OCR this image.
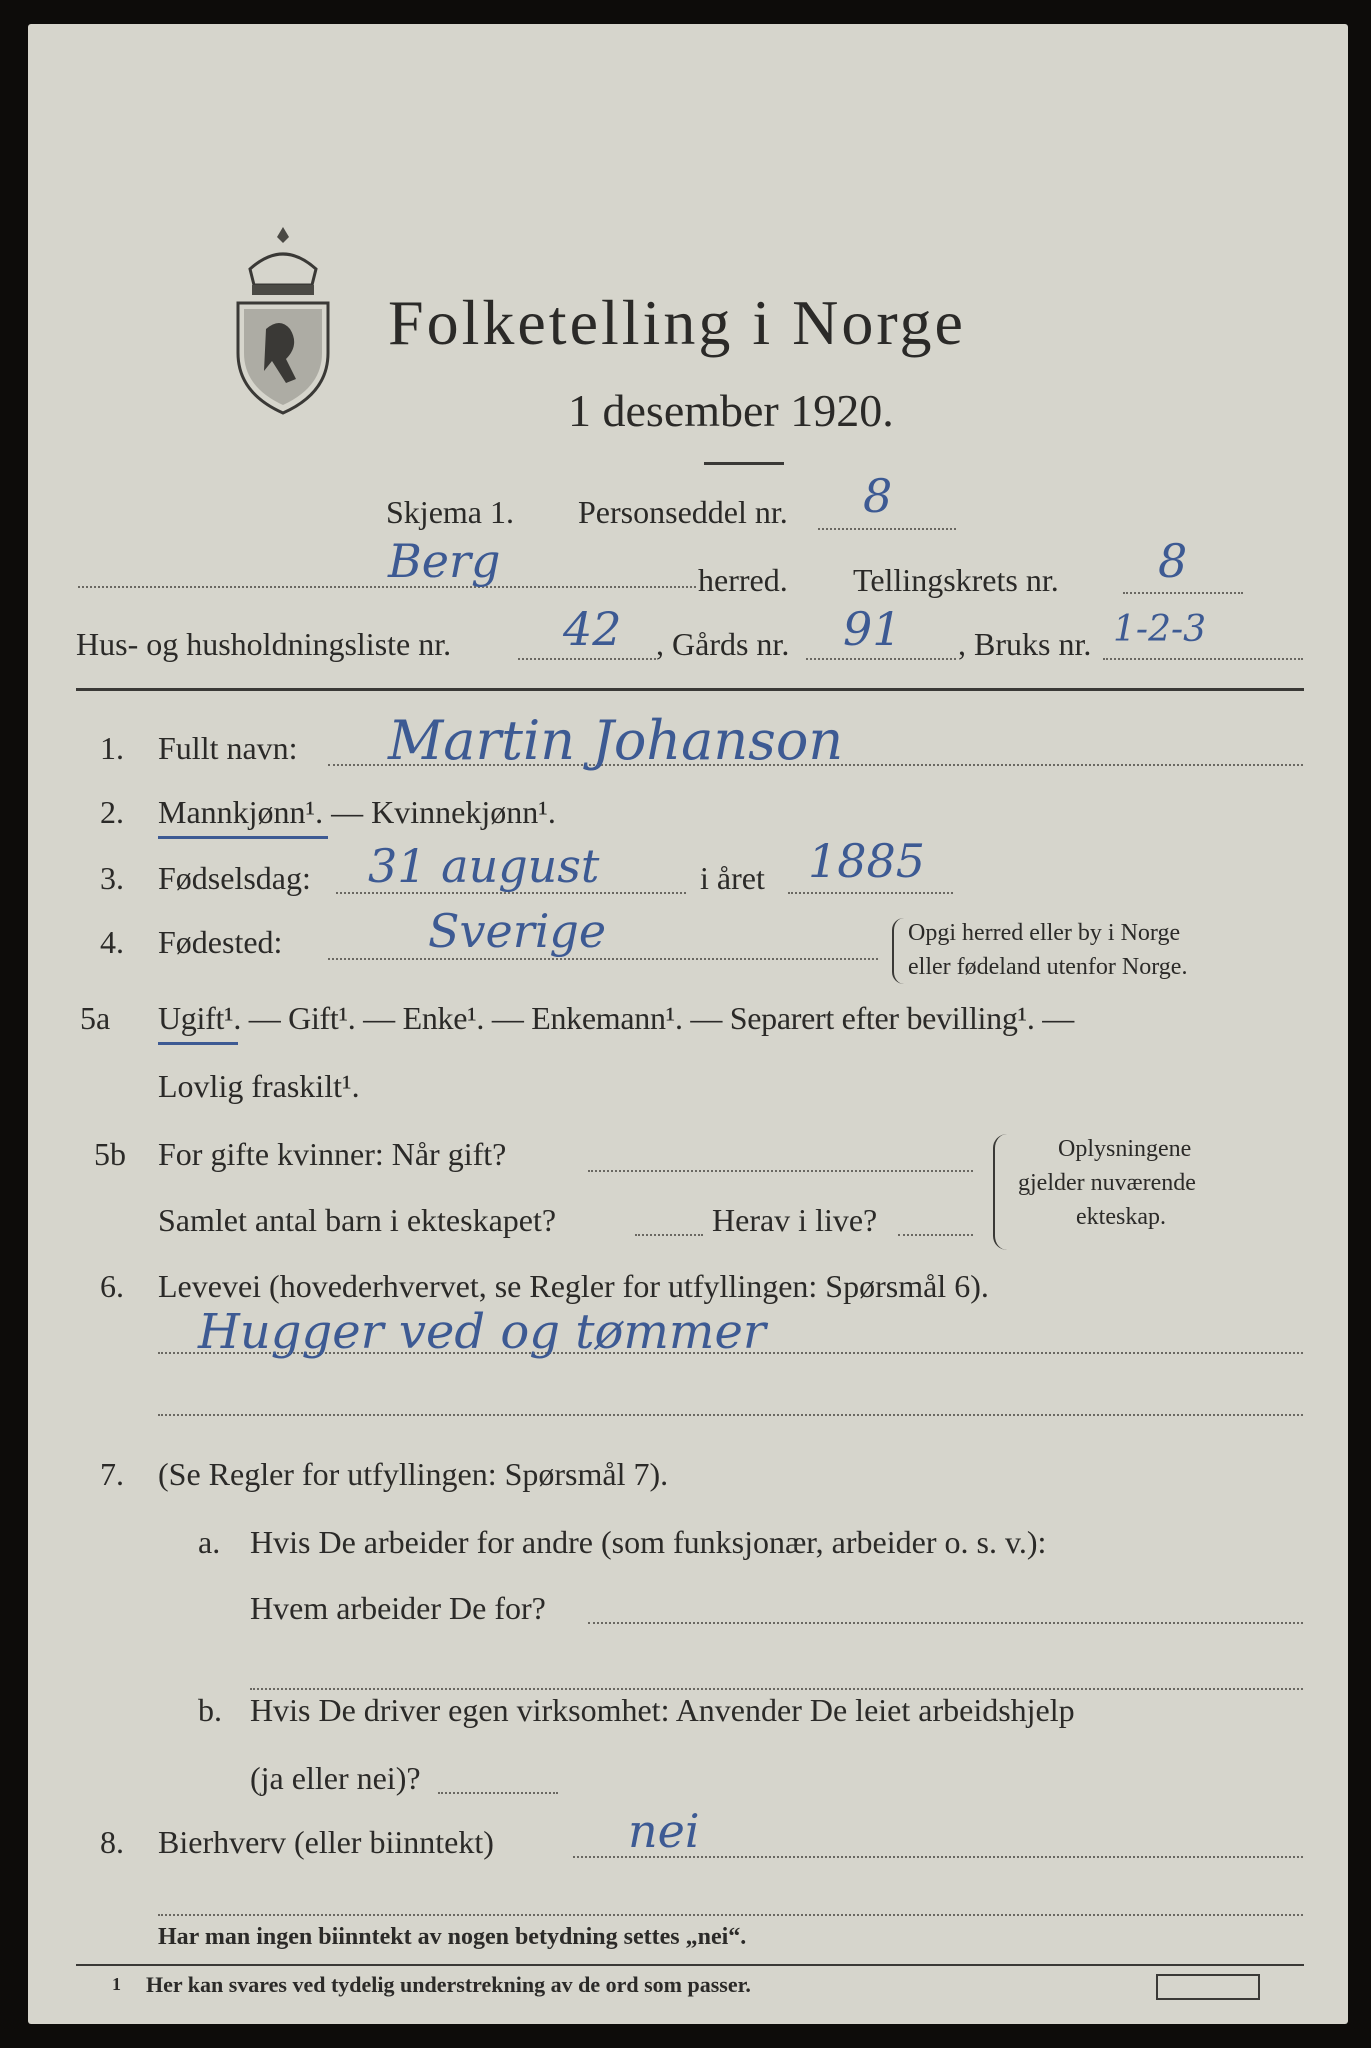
Folketelling i Norge
1 desember 1920.
Skjema 1. Personseddel nr. 8
Berg	herred. Tellingskrets nr. 8
Hus- og husholdningsliste nr. 42 , Gårds nr. 91 , Bruks nr. 1-2-3
1. Fullt navn: Martin Johanson
2. Mannkjønn¹. — Kvinnekjønn¹.
3. Fødselsdag: 31 august	i året 1885
4. Fødested:	Sverige	Opgi herred eller by i Norge
eller fødeland utenfor Norge.
5a Ugift¹. — Gift¹. — Enke¹. — Enkemann¹. — Separert efter bevilling¹. —
Lovlig fraskilt¹.
5b For gifte kvinner: Når gift?
Samlet antal barn i ekteskapet?	Herav i live?
Oplysningene
gjelder nuværende
ekteskap.
6. Levevei (hovederhvervet, se Regler for utfyllingen: Spørsmål 6).
Hugger ved og tømmer
7. (Se Regler for utfyllingen: Spørsmål 7).
a. Hvis De arbeider for andre (som funksjonær, arbeider o. s. v.):
Hvem arbeider De for?
b. Hvis De driver egen virksomhet: Anvender De leiet arbeidshjelp
(ja eller nei)?
8. Bierhverv (eller biinntekt)	nei
Har man ingen biinntekt av nogen betydning settes „nei“.
1 Her kan svares ved tydelig understrekning av de ord som passer.
